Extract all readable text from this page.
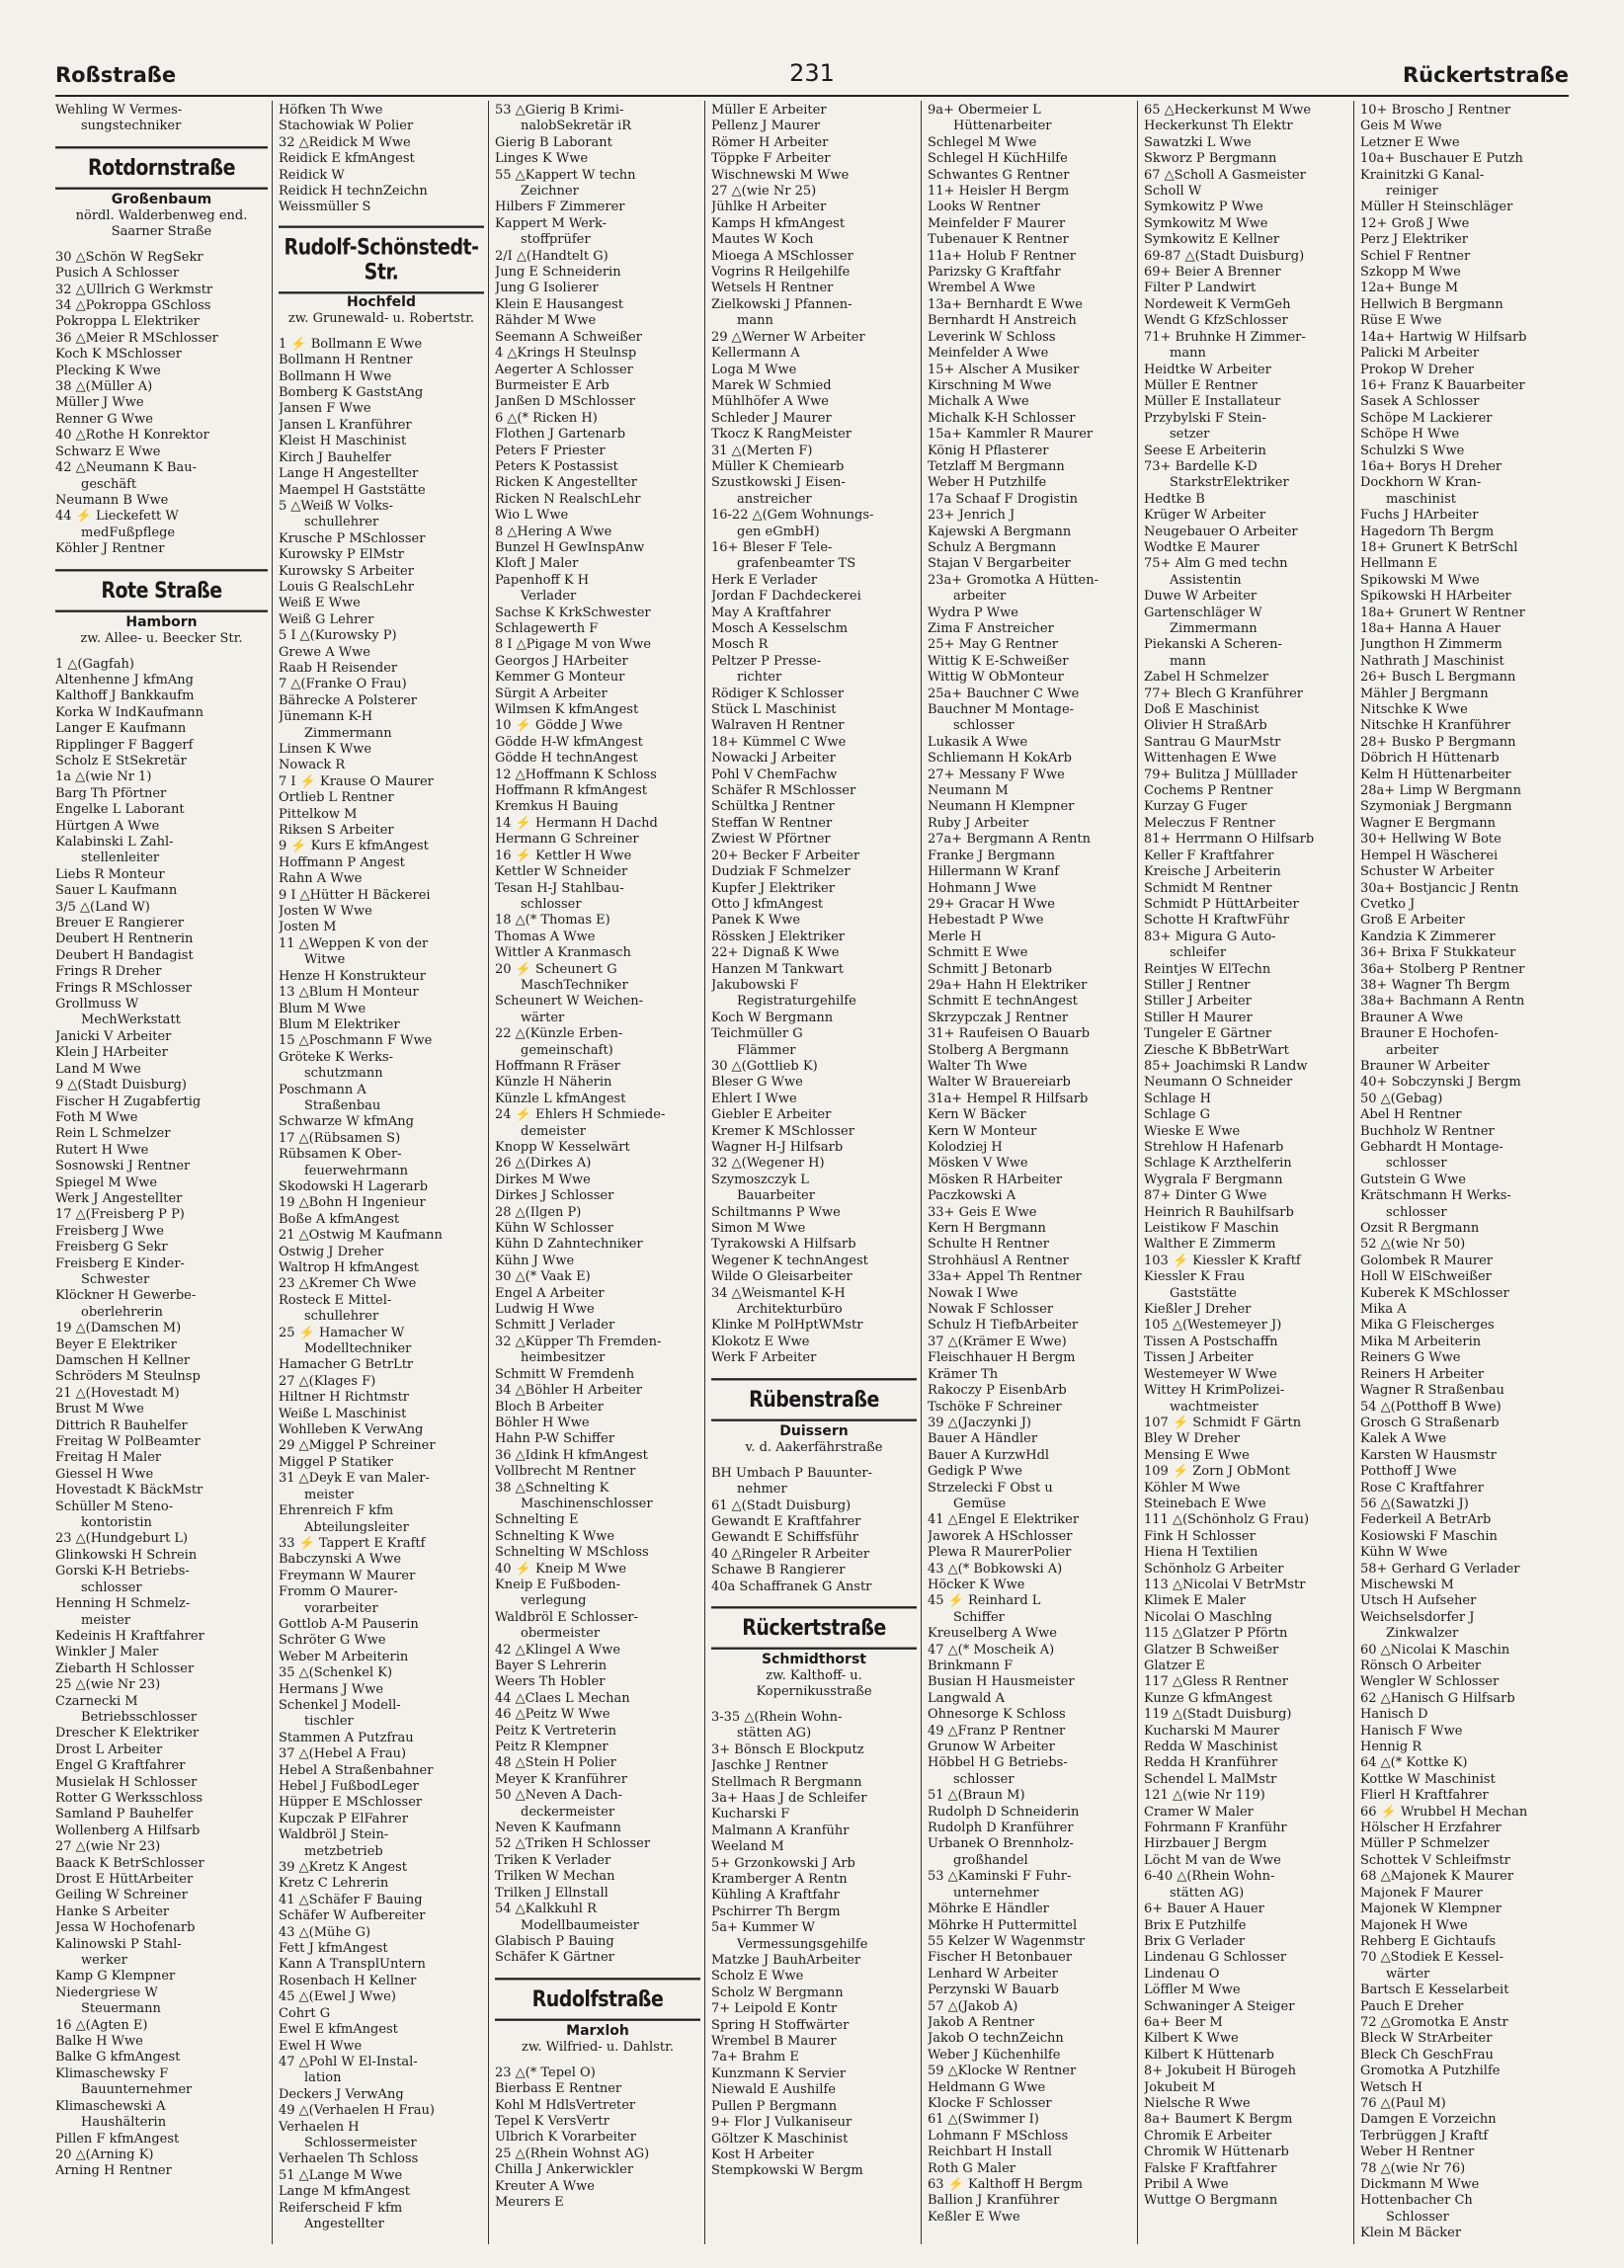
Roßstraße	231	Rückertstraße
Wehling W Vermes-
sungstechniker
Rotdornstraße
Großenbaum
nördl. Walderbenweg end.
Saarner Straße
30 △Schön W RegSekr
Pusich A Schlosser
32 △Ullrich G Werkmstr
34 △Pokroppa GSchloss
Pokroppa L Elektriker
36 △Meier R MSchlosser
Koch K MSchlosser
Plecking K Wwe
38 △(Müller A)
Müller J Wwe
Renner G Wwe
40 △Rothe H Konrektor
Schwarz E Wwe
42 △Neumann K Bau-
geschäft
Neumann B Wwe
44 ⚡ Lieckefett W
medFußpflege
Köhler J Rentner
Rote Straße
Hamborn
zw. Allee- u. Beecker Str.
1 △(Gagfah)
Altenhenne J kfmAng
Kalthoff J Bankkaufm
Korka W IndKaufmann
Langer E Kaufmann
Ripplinger F Baggerf
Scholz E StSekretär
1a △(wie Nr 1)
Barg Th Pförtner
Engelke L Laborant
Hürtgen A Wwe
Kalabinski L Zahl-
stellenleiter
Liebs R Monteur
Sauer L Kaufmann
3/5 △(Land W)
Breuer E Rangierer
Deubert H Rentnerin
Deubert H Bandagist
Frings R Dreher
Frings R MSchlosser
Grollmuss W
MechWerkstatt
Janicki V Arbeiter
Klein J HArbeiter
Land M Wwe
9 △(Stadt Duisburg)
Fischer H Zugabfertig
Foth M Wwe
Rein L Schmelzer
Rutert H Wwe
Sosnowski J Rentner
Spiegel M Wwe
Werk J Angestellter
17 △(Freisberg P P)
Freisberg J Wwe
Freisberg G Sekr
Freisberg E Kinder-
Schwester
Klöckner H Gewerbe-
oberlehrerin
19 △(Damschen M)
Beyer E Elektriker
Damschen H Kellner
Schröders M Steulnsp
21 △(Hovestadt M)
Brust M Wwe
Dittrich R Bauhelfer
Freitag W PolBeamter
Freitag H Maler
Giessel H Wwe
Hovestadt K BäckMstr
Schüller M Steno-
kontoristin
23 △(Hundgeburt L)
Glinkowski H Schrein
Gorski K-H Betriebs-
schlosser
Henning H Schmelz-
meister
Kedeinis H Kraftfahrer
Winkler J Maler
Ziebarth H Schlosser
25 △(wie Nr 23)
Czarnecki M
Betriebsschlosser
Drescher K Elektriker
Drost L Arbeiter
Engel G Kraftfahrer
Musielak H Schlosser
Rotter G Werksschloss
Samland P Bauhelfer
Wollenberg A Hilfsarb
27 △(wie Nr 23)
Baack K BetrSchlosser
Drost E HüttArbeiter
Geiling W Schreiner
Hanke S Arbeiter
Jessa W Hochofenarb
Kalinowski P Stahl-
werker
Kamp G Klempner
Niedergriese W
Steuermann
16 △(Agten E)
Balke H Wwe
Balke G kfmAngest
Klimaschewsky F
Bauunternehmer
Klimaschewski A
Haushälterin
Pillen F kfmAngest
20 △(Arning K)
Arning H Rentner
Höfken Th Wwe
Stachowiak W Polier
32 △Reidick M Wwe
Reidick E kfmAngest
Reidick W
Reidick H technZeichn
Weissmüller S
Rudolf-Schönstedt-Str.
Hochfeld
zw. Grunewald- u. Robertstr.
1 ⚡ Bollmann E Wwe
Bollmann H Rentner
Bollmann H Wwe
Bomberg K GaststAng
Jansen F Wwe
Jansen L Kranführer
Kleist H Maschinist
Kirch J Bauhelfer
Lange H Angestellter
Maempel H Gaststätte
5 △Weiß W Volks-
schullehrer
Krusche P MSchlosser
Kurowsky P ElMstr
Kurowsky S Arbeiter
Louis G RealschLehr
Weiß E Wwe
Weiß G Lehrer
5 I △(Kurowsky P)
Grewe A Wwe
Raab H Reisender
7 △(Franke O Frau)
Bährecke A Polsterer
Jünemann K-H
Zimmermann
Linsen K Wwe
Nowack R
7 I ⚡ Krause O Maurer
Ortlieb L Rentner
Pittelkow M
Riksen S Arbeiter
9 ⚡ Kurs E kfmAngest
Hoffmann P Angest
Rahn A Wwe
9 I △Hütter H Bäckerei
Josten W Wwe
Josten M
11 △Weppen K von der
Witwe
Henze H Konstrukteur
13 △Blum H Monteur
Blum M Wwe
Blum M Elektriker
15 △Poschmann F Wwe
Gröteke K Werks-
schutzmann
Poschmann A
Straßenbau
Schwarze W kfmAng
17 △(Rübsamen S)
Rübsamen K Ober-
feuerwehrmann
Skodowski H Lagerarb
19 △Bohn H Ingenieur
Boße A kfmAngest
21 △Ostwig M Kaufmann
Ostwig J Dreher
Waltrop H kfmAngest
23 △Kremer Ch Wwe
Rosteck E Mittel-
schullehrer
25 ⚡ Hamacher W
Modelltechniker
Hamacher G BetrLtr
27 △(Klages F)
Hiltner H Richtmstr
Weiße L Maschinist
Wohlleben K VerwAng
29 △Miggel P Schreiner
Miggel P Statiker
31 △Deyk E van Maler-
meister
Ehrenreich F kfm
Abteilungsleiter
33 ⚡ Tappert E Kraftf
Babczynski A Wwe
Freymann W Maurer
Fromm O Maurer-
vorarbeiter
Gottlob A-M Pauserin
Schröter G Wwe
Weber M Arbeiterin
35 △(Schenkel K)
Hermans J Wwe
Schenkel J Modell-
tischler
Stammen A Putzfrau
37 △(Hebel A Frau)
Hebel A Straßenbahner
Hebel J FußbodLeger
Hüpper E MSchlosser
Kupczak P ElFahrer
Waldbröl J Stein-
metzbetrieb
39 △Kretz K Angest
Kretz C Lehrerin
41 △Schäfer F Bauing
Schäfer W Aufbereiter
43 △(Mühe G)
Fett J kfmAngest
Kann A TransplUntern
Rosenbach H Kellner
45 △(Ewel J Wwe)
Cohrt G
Ewel E kfmAngest
Ewel H Wwe
47 △Pohl W El-Instal-
lation
Deckers J VerwAng
49 △(Verhaelen H Frau)
Verhaelen H
Schlossermeister
Verhaelen Th Schloss
51 △Lange M Wwe
Lange M kfmAngest
Reiferscheid F kfm
Angestellter
53 △Gierig B Krimi-
nalobSekretär iR
Gierig B Laborant
Linges K Wwe
55 △Kappert W techn
Zeichner
Hilbers F Zimmerer
Kappert M Werk-
stoffprüfer
2/I △(Handtelt G)
Jung E Schneiderin
Jung G Isolierer
Klein E Hausangest
Rähder M Wwe
Seemann A Schweißer
4 △Krings H Steulnsp
Aegerter A Schlosser
Burmeister E Arb
Janßen D MSchlosser
6 △(* Ricken H)
Flothen J Gartenarb
Peters F Priester
Peters K Postassist
Ricken K Angestellter
Ricken N RealschLehr
Wio L Wwe
8 △Hering A Wwe
Bunzel H GewInspAnw
Kloft J Maler
Papenhoff K H
Verlader
Sachse K KrkSchwester
Schlagewerth F
8 I △Pigage M von Wwe
Georgos J HArbeiter
Kemmer G Monteur
Sürgit A Arbeiter
Wilmsen K kfmAngest
10 ⚡ Gödde J Wwe
Gödde H-W kfmAngest
Gödde H technAngest
12 △Hoffmann K Schloss
Hoffmann R kfmAngest
Kremkus H Bauing
14 ⚡ Hermann H Dachd
Hermann G Schreiner
16 ⚡ Kettler H Wwe
Kettler W Schneider
Tesan H-J Stahlbau-
schlosser
18 △(* Thomas E)
Thomas A Wwe
Wittler A Kranmasch
20 ⚡ Scheunert G
MaschTechniker
Scheunert W Weichen-
wärter
22 △(Künzle Erben-
gemeinschaft)
Hoffmann R Fräser
Künzle H Näherin
Künzle L kfmAngest
24 ⚡ Ehlers H Schmiede-
demeister
Knopp W Kesselwärt
26 △(Dirkes A)
Dirkes M Wwe
Dirkes J Schlosser
28 △(Ilgen P)
Kühn W Schlosser
Kühn D Zahntechniker
Kühn J Wwe
30 △(* Vaak E)
Engel A Arbeiter
Ludwig H Wwe
Schmitt J Verlader
32 △Küpper Th Fremden-
heimbesitzer
Schmitt W Fremdenh
34 △Böhler H Arbeiter
Bloch B Arbeiter
Böhler H Wwe
Hahn P-W Schiffer
36 △Idink H kfmAngest
Vollbrecht M Rentner
38 △Schnelting K
Maschinenschlosser
Schnelting E
Schnelting K Wwe
Schnelting W MSchloss
40 ⚡ Kneip M Wwe
Kneip E Fußboden-
verlegung
Waldbröl E Schlosser-
obermeister
42 △Klingel A Wwe
Bayer S Lehrerin
Weers Th Hobler
44 △Claes L Mechan
46 △Peitz W Wwe
Peitz K Vertreterin
Peitz R Klempner
48 △Stein H Polier
Meyer K Kranführer
50 △Neven A Dach-
deckermeister
Neven K Kaufmann
52 △Triken H Schlosser
Triken K Verlader
Trilken W Mechan
Trilken J Ellnstall
54 △Kalkkuhl R
Modellbaumeister
Glabisch P Bauing
Schäfer K Gärtner
Rudolfstraße
Marxloh
zw. Wilfried- u. Dahlstr.
23 △(* Tepel O)
Bierbass E Rentner
Kohl M HdlsVertreter
Tepel K VersVertr
Ulbrich K Vorarbeiter
25 △(Rhein Wohnst AG)
Chilla J Ankerwickler
Kreuter A Wwe
Meurers E
Müller E Arbeiter
Pellenz J Maurer
Römer H Arbeiter
Töppke F Arbeiter
Wischnewski M Wwe
27 △(wie Nr 25)
Jühlke H Arbeiter
Kamps H kfmAngest
Mautes W Koch
Mioega A MSchlosser
Vogrins R Heilgehilfe
Wetsels H Rentner
Zielkowski J Pfannen-
mann
29 △Werner W Arbeiter
Kellermann A
Loga M Wwe
Marek W Schmied
Mühlhöfer A Wwe
Schleder J Maurer
Tkocz K RangMeister
31 △(Merten F)
Müller K Chemiearb
Szustkowski J Eisen-
anstreicher
16-22 △(Gem Wohnungs-
gen eGmbH)
16+ Bleser F Tele-
grafenbeamter TS
Herk E Verlader
Jordan F Dachdeckerei
May A Kraftfahrer
Mosch A Kesselschm
Mosch R
Peltzer P Presse-
richter
Rödiger K Schlosser
Stück L Maschinist
Walraven H Rentner
18+ Kümmel C Wwe
Nowacki J Arbeiter
Pohl V ChemFachw
Schäfer R MSchlosser
Schültka J Rentner
Steffan W Rentner
Zwiest W Pförtner
20+ Becker F Arbeiter
Dudziak F Schmelzer
Kupfer J Elektriker
Otto J kfmAngest
Panek K Wwe
Rössken J Elektriker
22+ Dignaß K Wwe
Hanzen M Tankwart
Jakubowski F
Registraturgehilfe
Koch W Bergmann
Teichmüller G
Flämmer
30 △(Gottlieb K)
Bleser G Wwe
Ehlert I Wwe
Giebler E Arbeiter
Kremer K MSchlosser
Wagner H-J Hilfsarb
32 △(Wegener H)
Szymoszczyk L
Bauarbeiter
Schiltmanns P Wwe
Simon M Wwe
Tyrakowski A Hilfsarb
Wegener K technAngest
Wilde O Gleisarbeiter
34 △Weismantel K-H
Architekturbüro
Klinke M PolHptWMstr
Klokotz E Wwe
Werk F Arbeiter
Rübenstraße
Duissern
v. d. Aakerfährstraße
BH Umbach P Bauunter-
nehmer
61 △(Stadt Duisburg)
Gewandt E Kraftfahrer
Gewandt E Schiffsführ
40 △Ringeler R Arbeiter
Schawe B Rangierer
40a Schaffranek G Anstr
Rückertstraße
Schmidthorst
zw. Kalthoff- u.
Kopernikusstraße
3-35 △(Rhein Wohn-
stätten AG)
3+ Bönsch E Blockputz
Jaschke J Rentner
Stellmach R Bergmann
3a+ Haas J de Schleifer
Kucharski F
Malmann A Kranführ
Weeland M
5+ Grzonkowski J Arb
Kramberger A Rentn
Kühling A Kraftfahr
Pschirrer Th Bergm
5a+ Kummer W
Vermessungsgehilfe
Matzke J BauhArbeiter
Scholz E Wwe
Scholz W Bergmann
7+ Leipold E Kontr
Spring H Stoffwärter
Wrembel B Maurer
7a+ Brahm E
Kunzmann K Servier
Niewald E Aushilfe
Pullen P Bergmann
9+ Flor J Vulkaniseur
Göltzer K Maschinist
Kost H Arbeiter
Stempkowski W Bergm
9a+ Obermeier L
Hüttenarbeiter
Schlegel M Wwe
Schlegel H KüchHilfe
Schwantes G Rentner
11+ Heisler H Bergm
Looks W Rentner
Meinfelder F Maurer
Tubenauer K Rentner
11a+ Holub F Rentner
Parizsky G Kraftfahr
Wrembel A Wwe
13a+ Bernhardt E Wwe
Bernhardt H Anstreich
Leverink W Schloss
Meinfelder A Wwe
15+ Alscher A Musiker
Kirschning M Wwe
Michalk A Wwe
Michalk K-H Schlosser
15a+ Kammler R Maurer
König H Pflasterer
Tetzlaff M Bergmann
Weber H Putzhilfe
17a Schaaf F Drogistin
23+ Jenrich J
Kajewski A Bergmann
Schulz A Bergmann
Stajan V Bergarbeiter
23a+ Gromotka A Hütten-
arbeiter
Wydra P Wwe
Zima F Anstreicher
25+ May G Rentner
Wittig K E-Schweißer
Wittig W ObMonteur
25a+ Bauchner C Wwe
Bauchner M Montage-
schlosser
Lukasik A Wwe
Schliemann H KokArb
27+ Messany F Wwe
Neumann M
Neumann H Klempner
Ruby J Arbeiter
27a+ Bergmann A Rentn
Franke J Bergmann
Hillermann W Kranf
Hohmann J Wwe
29+ Gracar H Wwe
Hebestadt P Wwe
Merle H
Schmitt E Wwe
Schmitt J Betonarb
29a+ Hahn H Elektriker
Schmitt E technAngest
Skrzypczak J Rentner
31+ Raufeisen O Bauarb
Stolberg A Bergmann
Walter Th Wwe
Walter W Brauereiarb
31a+ Hempel R Hilfsarb
Kern W Bäcker
Kern W Monteur
Kolodziej H
Mösken V Wwe
Mösken R HArbeiter
Paczkowski A
33+ Geis E Wwe
Kern H Bergmann
Schulte H Rentner
Strohhäusl A Rentner
33a+ Appel Th Rentner
Nowak I Wwe
Nowak F Schlosser
Schulz H TiefbArbeiter
37 △(Krämer E Wwe)
Fleischhauer H Bergm
Krämer Th
Rakoczy P EisenbArb
Tschöke F Schreiner
39 △(Jaczynki J)
Bauer A Händler
Bauer A KurzwHdl
Gedigk P Wwe
Strzelecki F Obst u
Gemüse
41 △Engel E Elektriker
Jaworek A HSchlosser
Plewa R MaurerPolier
43 △(* Bobkowski A)
Höcker K Wwe
45 ⚡ Reinhard L
Schiffer
Kreuselberg A Wwe
47 △(* Moscheik A)
Brinkmann F
Busian H Hausmeister
Langwald A
Ohnesorge K Schloss
49 △Franz P Rentner
Grunow W Arbeiter
Höbbel H G Betriebs-
schlosser
51 △(Braun M)
Rudolph D Schneiderin
Rudolph D Kranführer
Urbanek O Brennholz-
großhandel
53 △Kaminski F Fuhr-
unternehmer
Möhrke E Händler
Möhrke H Puttermittel
55 Kelzer W Wagenmstr
Fischer H Betonbauer
Lenhard W Arbeiter
Perzynski W Bauarb
57 △(Jakob A)
Jakob A Rentner
Jakob O technZeichn
Weber J Küchenhilfe
59 △Klocke W Rentner
Heldmann G Wwe
Klocke F Schlosser
61 △(Swimmer I)
Lohmann F MSchloss
Reichbart H Install
Roth G Maler
63 ⚡ Kalthoff H Bergm
Ballion J Kranführer
Keßler E Wwe
65 △Heckerkunst M Wwe
Heckerkunst Th Elektr
Sawatzki L Wwe
Skworz P Bergmann
67 △Scholl A Gasmeister
Scholl W
Symkowitz P Wwe
Symkowitz M Wwe
Symkowitz E Kellner
69-87 △(Stadt Duisburg)
69+ Beier A Brenner
Filter P Landwirt
Nordeweit K VermGeh
Wendt G KfzSchlosser
71+ Bruhnke H Zimmer-
mann
Heidtke W Arbeiter
Müller E Rentner
Müller E Installateur
Przybylski F Stein-
setzer
Seese E Arbeiterin
73+ Bardelle K-D
StarkstrElektriker
Hedtke B
Krüger W Arbeiter
Neugebauer O Arbeiter
Wodtke E Maurer
75+ Alm G med techn
Assistentin
Duwe W Arbeiter
Gartenschläger W
Zimmermann
Piekanski A Scheren-
mann
Zabel H Schmelzer
77+ Blech G Kranführer
Doß E Maschinist
Olivier H StraßArb
Santrau G MaurMstr
Wittenhagen E Wwe
79+ Bulitza J Mülllader
Cochems P Rentner
Kurzay G Fuger
Meleczus F Rentner
81+ Herrmann O Hilfsarb
Keller F Kraftfahrer
Kreische J Arbeiterin
Schmidt M Rentner
Schmidt P HüttArbeiter
Schotte H KraftwFühr
83+ Migura G Auto-
schleifer
Reintjes W ElTechn
Stiller J Rentner
Stiller J Arbeiter
Stiller H Maurer
Tungeler E Gärtner
Ziesche K BbBetrWart
85+ Joachimski R Landw
Neumann O Schneider
Schlage H
Schlage G
Wieske E Wwe
Strehlow H Hafenarb
Schlage K Arzthelferin
Wygrala F Bergmann
87+ Dinter G Wwe
Heinrich R Bauhilfsarb
Leistikow F Maschin
Walther E Zimmerm
103 ⚡ Kiessler K Kraftf
Kiessler K Frau
Gaststätte
Kießler J Dreher
105 △(Westemeyer J)
Tissen A Postschaffn
Tissen J Arbeiter
Westemeyer W Wwe
Wittey H KrimPolizei-
wachtmeister
107 ⚡ Schmidt F Gärtn
Bley W Dreher
Mensing E Wwe
109 ⚡ Zorn J ObMont
Köhler M Wwe
Steinebach E Wwe
111 △(Schönholz G Frau)
Fink H Schlosser
Hiena H Textilien
Schönholz G Arbeiter
113 △Nicolai V BetrMstr
Klimek E Maler
Nicolai O Maschlng
115 △Glatzer P Pförtn
Glatzer B Schweißer
Glatzer E
117 △Gless R Rentner
Kunze G kfmAngest
119 △(Stadt Duisburg)
Kucharski M Maurer
Redda W Maschinist
Redda H Kranführer
Schendel L MalMstr
121 △(wie Nr 119)
Cramer W Maler
Fohrmann F Kranführ
Hirzbauer J Bergm
Löcht M van de Wwe
6-40 △(Rhein Wohn-
stätten AG)
6+ Bauer A Hauer
Brix E Putzhilfe
Brix G Verlader
Lindenau G Schlosser
Lindenau O
Löffler M Wwe
Schwaninger A Steiger
6a+ Beer M
Kilbert K Wwe
Kilbert K Hüttenarb
8+ Jokubeit H Bürogeh
Jokubeit M
Nielsche R Wwe
8a+ Baumert K Bergm
Chromik E Arbeiter
Chromik W Hüttenarb
Falske F Kraftfahrer
Pribil A Wwe
Wuttge O Bergmann
10+ Broscho J Rentner
Geis M Wwe
Letzner E Wwe
10a+ Buschauer E Putzh
Krainitzki G Kanal-
reiniger
Müller H Steinschläger
12+ Groß J Wwe
Perz J Elektriker
Schiel F Rentner
Szkopp M Wwe
12a+ Bunge M
Hellwich B Bergmann
Rüse E Wwe
14a+ Hartwig W Hilfsarb
Palicki M Arbeiter
Prokop W Dreher
16+ Franz K Bauarbeiter
Sasek A Schlosser
Schöpe M Lackierer
Schöpe H Wwe
Schulzki S Wwe
16a+ Borys H Dreher
Dockhorn W Kran-
maschinist
Fuchs J HArbeiter
Hagedorn Th Bergm
18+ Grunert K BetrSchl
Hellmann E
Spikowski M Wwe
Spikowski H HArbeiter
18a+ Grunert W Rentner
18a+ Hanna A Hauer
Jungthon H Zimmerm
Nathrath J Maschinist
26+ Busch L Bergmann
Mähler J Bergmann
Nitschke K Wwe
Nitschke H Kranführer
28+ Busko P Bergmann
Döbrich H Hüttenarb
Kelm H Hüttenarbeiter
28a+ Limp W Bergmann
Szymoniak J Bergmann
Wagner E Bergmann
30+ Hellwing W Bote
Hempel H Wäscherei
Schuster W Arbeiter
30a+ Bostjancic J Rentn
Cvetko J
Groß E Arbeiter
Kandzia K Zimmerer
36+ Brixa F Stukkateur
36a+ Stolberg P Rentner
38+ Wagner Th Bergm
38a+ Bachmann A Rentn
Brauner A Wwe
Brauner E Hochofen-
arbeiter
Brauner W Arbeiter
40+ Sobczynski J Bergm
50 △(Gebag)
Abel H Rentner
Buchholz W Rentner
Gebhardt H Montage-
schlosser
Gutstein G Wwe
Krätschmann H Werks-
schlosser
Ozsit R Bergmann
52 △(wie Nr 50)
Golombek R Maurer
Holl W ElSchweißer
Kuberek K MSchlosser
Mika A
Mika G Fleischerges
Mika M Arbeiterin
Reiners G Wwe
Reiners H Arbeiter
Wagner R Straßenbau
54 △(Potthoff B Wwe)
Grosch G Straßenarb
Kalek A Wwe
Karsten W Hausmstr
Potthoff J Wwe
Rose C Kraftfahrer
56 △(Sawatzki J)
Federkeil A BetrArb
Kosiowski F Maschin
Kühn W Wwe
58+ Gerhard G Verlader
Mischewski M
Utsch H Aufseher
Weichselsdorfer J
Zinkwalzer
60 △Nicolai K Maschin
Rönsch O Arbeiter
Wengler W Schlosser
62 △Hanisch G Hilfsarb
Hanisch D
Hanisch F Wwe
Hennig R
64 △(* Kottke K)
Kottke W Maschinist
Flierl H Kraftfahrer
66 ⚡ Wrubbel H Mechan
Hölscher H Erzfahrer
Müller P Schmelzer
Schottek V Schleifmstr
68 △Majonek K Maurer
Majonek F Maurer
Majonek W Klempner
Majonek H Wwe
Rehberg E Gichtaufs
70 △Stodiek E Kessel-
wärter
Bartsch E Kesselarbeit
Pauch E Dreher
72 △Gromotka E Anstr
Bleck W StrArbeiter
Bleck Ch GeschFrau
Gromotka A Putzhilfe
Wetsch H
76 △(Paul M)
Damgen E Vorzeichn
Terbrüggen J Kraftf
Weber H Rentner
78 △(wie Nr 76)
Dickmann M Wwe
Hottenbacher Ch
Schlosser
Klein M Bäcker
